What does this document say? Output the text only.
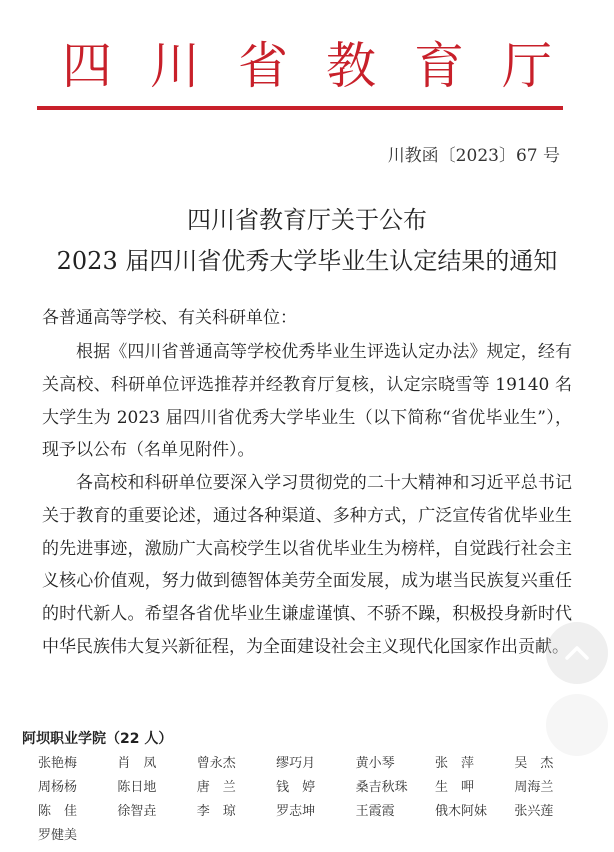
四川省教育厅
川教函〔2023〕67 号
四川省教育厅关于公布
2023 届四川省优秀大学毕业生认定结果的通知
各普通高等学校、有关科研单位：

根据《四川省普通高等学校优秀毕业生评选认定办法》规定，经有关高校、科研单位评选推荐并经教育厅复核，认定宗晓雪等 19140 名大学生为 2023 届四川省优秀大学毕业生（以下简称“省优毕业生”），现予以公布（名单见附件）。

各高校和科研单位要深入学习贯彻党的二十大精神和习近平总书记关于教育的重要论述，通过各种渠道、多种方式，广泛宣传省优毕业生的先进事迹，激励广大高校学生以省优毕业生为榜样，自觉践行社会主义核心价值观，努力做到德智体美劳全面发展，成为堪当民族复兴重任的时代新人。希望各省优毕业生谦虚谨慎、不骄不躁，积极投身新时代中华民族伟大复兴新征程，为全面建设社会主义现代化国家作出贡献。

阿坝职业学院（22 人）
张艳梅	肖　凤	曾永杰	缪巧月	黄小琴	张　萍	吴　杰
周杨杨	陈日地	唐　兰	钱　婷	桑吉秋珠	生　呷	周海兰
陈　佳	徐智垚	李　琼	罗志坤	王霞霞	俄木阿妹	张兴莲
罗健美
